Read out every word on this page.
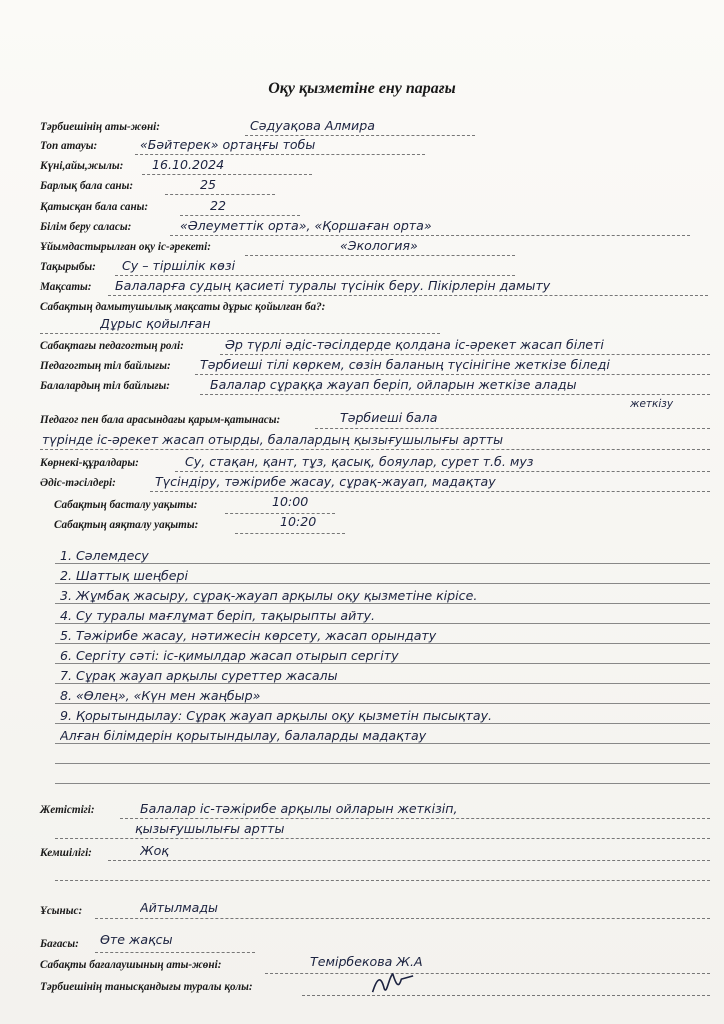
Оқу қызметіне ену парағы
Тәрбиешінің аты-жөні:	Сәдуақова Алмира
Топ атауы:	«Бәйтерек» ортаңғы тобы
Күні,айы,жылы: 16.10.2024
Барлық бала саны:	25
Қатысқан бала саны:	22
Білім беру саласы:	«Әлеуметтік орта», «Қоршаған орта»
Ұйымдастырылған оқу іс-әрекеті:	«Экология»
Тақырыбы: Су – тіршілік көзі
Мақсаты: Балаларға судың қасиеті туралы түсінік беру. Пікірлерін дамыту
Сабақтың дамытушылық мақсаты дұрыс қойылған ба?:
Дұрыс қойылған
Сабақтағы педагогтың ролі:	Әр түрлі әдіс-тәсілдерде қолдана іс-әрекет жасап білеті
Педагогтың тіл байлығы: Тәрбиеші тілі көркем, сөзін баланың түсінігіне жеткізе біледі
Балалардың тіл байлығы:	Балалар сұраққа жауап беріп, ойларын жеткізе алады
Педагог пен бала арасындағы қарым-қатынасы:	Тәрбиеші бала
жеткізу
түрінде іс-әрекет жасап отырды, балалардың қызығушылығы артты
Көрнекі-құралдары:	Су, стақан, қант, тұз, қасық, бояулар, сурет т.б. муз
Әдіс-тәсілдері:	Түсіндіру, тәжірибе жасау, сұрақ-жауап, мадақтау
Сабақтың басталу уақыты:	10:00
Сабақтың аяқталу уақыты:	10:20
1. Сәлемдесу
2. Шаттық шеңбері
3. Жұмбақ жасыру, сұрақ-жауап арқылы оқу қызметіне кірісе.
4. Су туралы мағлұмат беріп, тақырыпты айту.
5. Тәжірибе жасау, нәтижесін көрсету, жасап орындату
6. Сергіту сәті: іс-қимылдар жасап отырып сергіту
7. Сұрақ жауап арқылы суреттер жасалы
8. «Өлең», «Күн мен жаңбыр»
9. Қорытындылау: Сұрақ жауап арқылы оқу қызметін пысықтау.
Алған білімдерін қорытындылау, балаларды мадақтау
Жетістігі:	Балалар іс-тәжірибе арқылы ойларын жеткізіп,
қызығушылығы артты
Кемшілігі:	Жоқ
Ұсыныс:	Айтылмады
Бағасы: Өте жақсы
Сабақты бағалаушының аты-жөні:	Темірбекова Ж.А
Тәрбиешінің танысқандығы туралы қолы:
